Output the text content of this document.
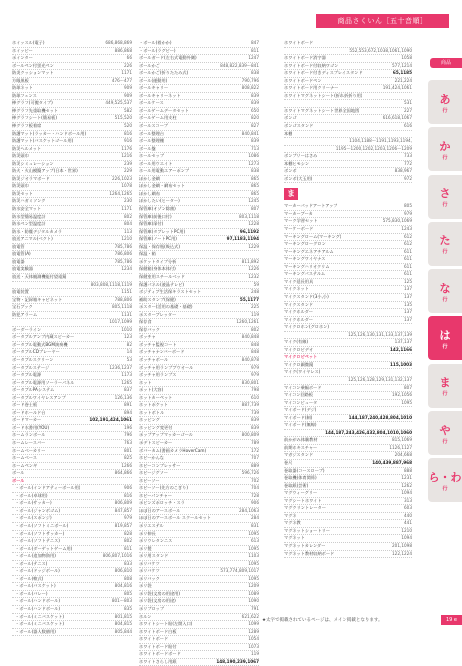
商品さくいん［五十音順］
商品
ホイッスル(電子)	686,868,869
ホイッピー	886,868
ポインター	66
ボールペン付蛍光ペン	226
防炎クッションマット	1171
方眼黒板	476〜477
防球ネット	909
防球フェンス	909
棒グラフ(可搬タイプ)	449,525,537
棒グラフ先重取機セット	582
棒グラフシート(簡易板)	515,520
棒グラフ板着席	520
防護マット(ラッカー・ハンドボール用)	816
防護マット(バスケットゴール用)	916
防災ヘルメット	1176
防災頭巾	1216
防災シミュレーション	239
防火・火山模擬アップ(日本・世界)	229
防災ジオラマボード	226,1023
防災頭巾	1078
防災セット	1264,1265
防災ハガミソング	230
防水安全マット	1171
防水型簡易温度計	802
防水ペン型温度計	804
防水・防塵デジタルカメラ	113
放送アニマル(ベクト)	1210
放電管	785,786
放電管(A)	786,806
放電器	785,786
放電実験器	1234
放送・天体観測機能付望遠鏡

803,808,1118,1119
放電装置	1151
宝物・記録箱キャビネット	788,806
宝石ブック	805,1118
防犯アラーム	1131

1017,1099
ボーダーライン	1010
ボータブルアンプ内蔵スピーカー	123
ボータブル電動式BGM演奏機	82
ボータブルCDプレーヤー	14
ボータブルスクリーン	53
ボータブルステージ	1236,1237
ボータブル電源	1173
ボータブル電源用ソーラーパネル	1265
ボータブルPAシステム	837
ボータブルワイヤレスアンプ	126,136
ボード巻土板	891
ボードホールド台	894
ボードマーカー	102,191,424,1061
ボード水書用(YOU)	196
ホームランボール	796
ホームレースバー	763
ホームベーカリー	801
ホームベース	825
ホームペンギ	1266
ボール	864,866
ボール
・ボール(インドアティーボール用)	906
・ボール(卓球用)	816
・ボール(サッカー)	806,809
・ボール(ジャンボゴム)	847,857
・ボール(スポンジ)	979
・ボール(ソフトミニボール)	819,857
・ボール(ソフトサッカー)	828
・ボール(ソフトテニス)	802
・ボール(ダーゲットゲーム用)	811
・ボール(追加物資用)	806,807,1016
・ボール(テニス)	833
・ボール(ドッジボール)	806,810
・ボール(軟式)	808
・ボール(バスケット)	804,816
・ボール(バレー)	805
・ボール(ハンドボール)	801〜803
・ボール(ハンドボール)	835
・ボール(ミニバスケット)	801,815
・ボール(ミニバスケット)	804,815
・ボール(器人数値用)	805,844
・ボール(着かか)	847
・ボール(ラグビー)	811
ボールガード(左右式電動外側)	1247
ボールかご	848,822,839〜841
ボールかご(折りたたみ式)	838
ボール(運動用)	790,796
ボールキャリー	808,822
ボールキャリーネット	839
ボールケース	839
ボールゲームデータセット	650
ボールゲーム用支柱	820
ボールスコープ	827
ボール整理台	840,841
ボール整理棚	839
ボール盤	713
ホールセップ	1086
ボール用ウエイト	1273
ホール用電動エアーポンプ	838
ぼかし金網	865
ぼかし金網・網布セット	865
ぼかし網布	865
ぼかしたい(ヒーター)	1245
保管庫(オゾン除菌)	807
保管庫(前後口付)	803,1118
保管庫(扉付)	1228
保管庫(タブレットPC用)	96,1192
保管庫(ノートPC用)	97,1183,1194
保温・保存瓶(吸込式)	1229
保温・箱
ポケットタイプ分析	811,892
保健箱(身体本体付)	1226
保健室用スチールベッド	1232
保護パネル(液晶テレビ)	59
ボジティブ生活保キラストセット	248
補助スタンプ(保健)	55,1177
ポスター(活用の基礎・基礎)	225
ポスターブレッター	119
保存食	1260,1261
保存バック	802
ボッチャ	840,848
ボッチャ監視コート	848
ボッチャナンバーボード	848
ボッチャボール	840,878
ボッチャ用ランプブウオール	979
ボッチャ用ランプス	979
ホット	830,801
ポット(大容)	798
ホットカーペット	610
ホットポケット	887,739
ホットボトル	739
ホッピング	839
ホッピング変更付	839
ポップアップマッカーゴール	800,809
ポデトスピーカー	789
ボバーカム(書画カメラHoverCam)	172
ホビーかんな	707
ホビーコンプレッサー	889
ホビージグソー	596,726
ホビーソー	702
ホビーソー(先方のこぎり)	704
ホビーパンチャー	728
ポピンズポロッチ・スラ	906
ほぼ日のアースボール	284,1063
ほぼ日のアースボール スクールセット	284
ポリエステル	831
ポリ伸長	1095
ポリウレタンニス	613
ポリ製	1095
ポリ用スタンド	1103
ポリバケツ	1095
ポリバケツ	573,774,809,1017
ポリバック	1095
ポリ袋	1209
ポリ袋(文房の用途用)	1089
ポリ袋(文房の用途)	1090
ポリプロップ	791
ホルン	621,622
ホワイトシート貼(左開入口)	1099
ホワイトボード白板	1289
ホワイトボード	1054
ホワイトボード貼付	1073
ホワイトボードボード	119
ホワイトさらし用紙	148,190,239,1067
ホワイトボード

552,553,672,1038,1061,1090
ホワイトボード消字器	1058
ホワイトボード付収納ワゴン	577,1214
ホワイトボード付きディスプレイスタンド	65,1185
ホワイトボードペン	221,224
ホワイトボード用クリーナー	191,424,1061
ホワイトマグネットシート(折れ折折り用)

531
ホワイトマグネットシート世界全国地図	227
ボンゴ	616,618,1067
ボンゴスタンド	616
本棚

1104,1188〜1191,1193,1194,

1195〜1200,1202,1203,1206〜1209
ボンプリーはさみ	733
本棚ヒモシン	772
ボンボ	838,967
ボンボ(大玉用)	972
ま
マーカーパッドアートアップ	805
マーカーブーカ	979
マーク学習セット	575,830,1069
マーケーボード	1243
マーキングローム(マーキング)	612
マーキングローグロン	612
マーキングエネアチアルム	611
マーキングワイヤナス	611
マーキングハリオクリム	611
マーキングパステルム	611
マイク延長用具	125
マイクネット	137
マイクスタンド(3小,小)	137
マイクスタンド	135
マイクホルダー	137
マイクホルダー	137
マイクロホン(グロホン)

125,126,130,131,133,137,139
マイク(有線)	137,137
マイクロビデオ	142,1166
マイクロピペット
マイクロ顕微鏡	115,1003
マイク(ワイヤレス)

125,126,128,129,131,132,137
マイコン乗幅ボード	807
マイコン回路板	192,1056
マイコンピュータ	1095
マイボード(デジ)
マイボード(制)	144,187,240,428,804,1010
マイボード(無線)

144,187,243,426,432,804,1010,1060
前かがみ体験教材	815,1069
前期ホキスチャー	1126,1127
マガジスタンド	204,668
巻尺	140,439,887,968
巻取器(コースロープ)	888
巻取機(体育関係)	1231
巻取紙(芸術)	1262
マグウィーグリー	1094
マグシートホワイト	313
マグクリントレーター	603
マグネ	440
マグネ教	441
マグネットショートリー	1210
マグネット	1094
マグネットカレンダー	201,1098
マグネット教材収納ボード	122,1224
あ
行
か
行
さ
行
た
行
な
行
は
行
ま
行
や
行
ら・わ
行
★太字で掲載されているページは、メイン掲載となります。	19 e
